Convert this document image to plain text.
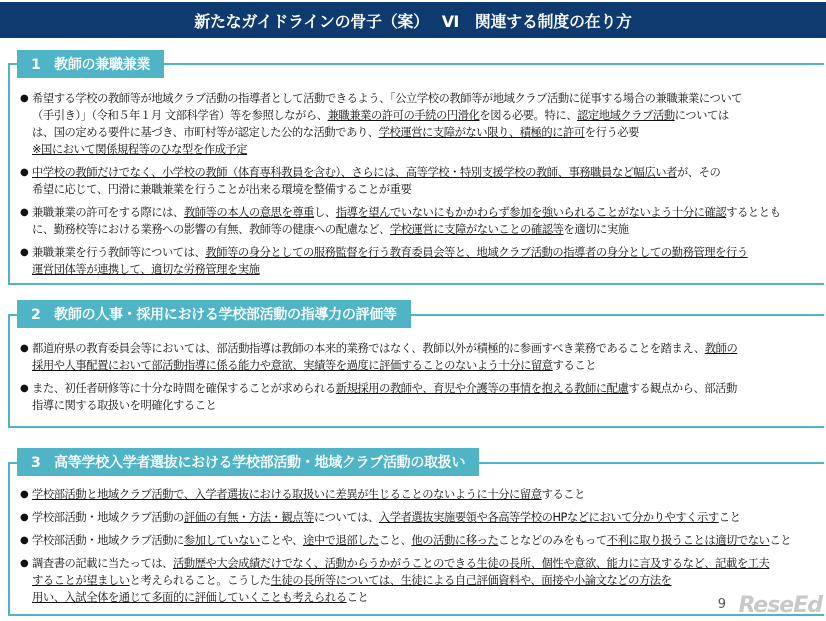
新たなガイドラインの骨子（案）　 Ⅵ　関連する制度の在り方
1　教師の兼職兼業
● 希望する学校の教師等が地域クラブ活動の指導者として活動できるよう、「公立学校の教師等が地域クラブ活動に従事する場合の兼職兼業について
（手引き）」（令和５年１月 文部科学省）等を参照しながら、兼職兼業の許可の手続の円滑化を図る必要。特に、認定地域クラブ活動については
は、国の定める要件に基づき、市町村等が認定した公的な活動であり、学校運営に支障がない限り、積極的に許可を行う必要
※国において関係規程等のひな型を作成予定
● 中学校の教師だけでなく、小学校の教師（体育専科教員を含む）、さらには、高等学校・特別支援学校の教師、事務職員など幅広い者が、その
希望に応じて、円滑に兼職兼業を行うことが出来る環境を整備することが重要
● 兼職兼業の許可をする際には、教師等の本人の意思を尊重し、指導を望んでいないにもかかわらず参加を強いられることがないよう十分に確認するととも
に、勤務校等における業務への影響の有無、教師等の健康への配慮など、学校運営に支障がないことの確認等を適切に実施
● 兼職兼業を行う教師等については、教師等の身分としての服務監督を行う教育委員会等と、地域クラブ活動の指導者の身分としての勤務管理を行う
運営団体等が連携して、適切な労務管理を実施
2　教師の人事・採用における学校部活動の指導力の評価等
● 都道府県の教育委員会等においては、部活動指導は教師の本来的業務ではなく、教師以外が積極的に参画すべき業務であることを踏まえ、教師の
採用や人事配置において部活動指導に係る能力や意欲、実績等を過度に評価することのないよう十分に留意すること
● また、初任者研修等に十分な時間を確保することが求められる新規採用の教師や、育児や介護等の事情を抱える教師に配慮する観点から、部活動
指導に関する取扱いを明確化すること
3　高等学校入学者選抜における学校部活動・地域クラブ活動の取扱い
● 学校部活動と地域クラブ活動で、入学者選抜における取扱いに差異が生じることのないように十分に留意すること
● 学校部活動・地域クラブ活動の評価の有無・方法・観点等については、入学者選抜実施要領や各高等学校のHPなどにおいて分かりやすく示すこと
● 学校部活動・地域クラブ活動に参加していないことや、途中で退部したこと、他の活動に移ったことなどのみをもって不利に取り扱うことは適切でないこと
● 調査書の記載に当たっては、活動歴や大会成績だけでなく、活動からうかがうことのできる生徒の長所、個性や意欲、能力に言及するなど、記載を工夫
することが望ましいと考えられること。こうした生徒の長所等については、生徒による自己評価資料や、面接や小論文などの方法を
用い、入試全体を通じて多面的に評価していくことも考えられること	9 ReseEd
